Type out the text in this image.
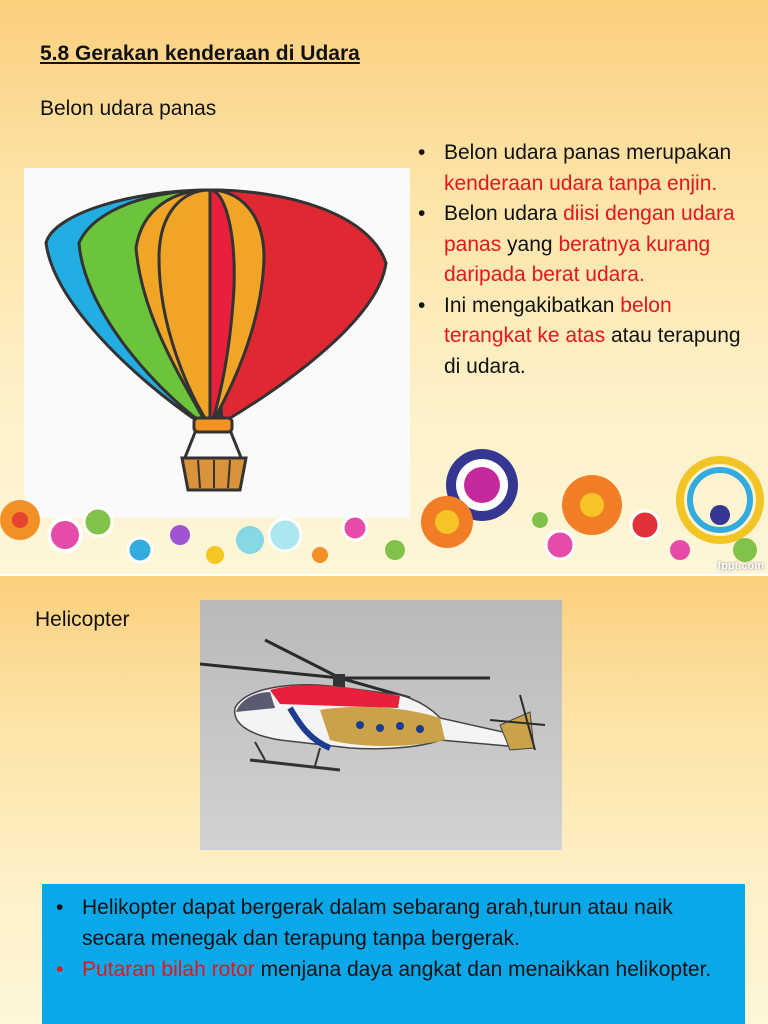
5.8 Gerakan kenderaan di Udara
Belon udara panas
• Belon udara panas merupakan kenderaan udara tanpa enjin.
• Belon udara diisi dengan udara panas yang beratnya kurang daripada berat udara.
• Ini mengakibatkan belon terangkat ke atas atau terapung di udara.
fppt.com
Helicopter
• Helikopter dapat bergerak dalam sebarang arah,turun atau naik secara menegak dan terapung tanpa bergerak.
• Putaran bilah rotor menjana daya angkat dan menaikkan helikopter.
